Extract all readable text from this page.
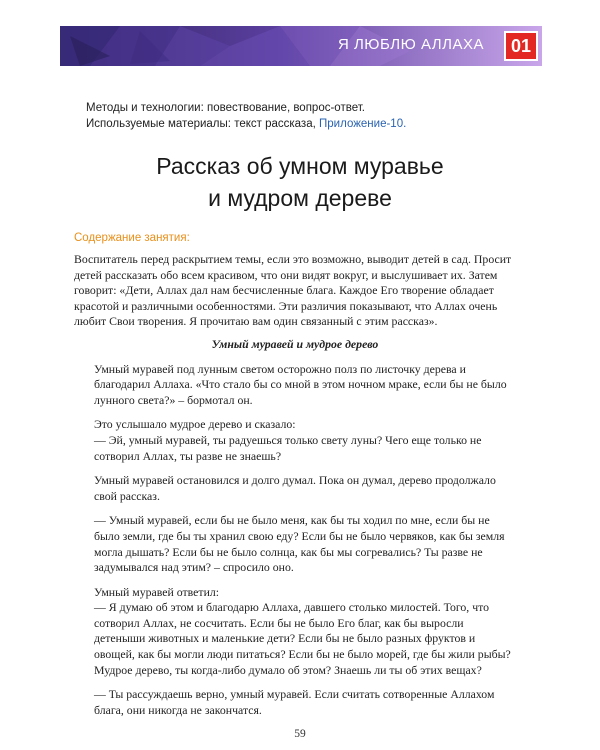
Я ЛЮБЛЮ АЛЛАХА	01
Методы и технологии: повествование, вопрос-ответ.
Используемые материалы: текст рассказа, Приложение-10.
Рассказ об умном муравье
и мудром дереве
Содержание занятия:

Воспитатель перед раскрытием темы, если это возможно, выводит детей в сад. Просит детей рассказать обо всем красивом, что они видят вокруг, и выслушивает их. Затем говорит: «Дети, Аллах дал нам бесчисленные блага. Каждое Его творение обладает красотой и различными особенностями. Эти различия показывают, что Аллах очень любит Свои творения. Я прочитаю вам один связанный с этим рассказ».

Умный муравей и мудрое дерево

Умный муравей под лунным светом осторожно полз по листочку дерева и благодарил Аллаха. «Что стало бы со мной в этом ночном мраке, если бы не было лунного света?» – бормотал он.

Это услышало мудрое дерево и сказало:
— Эй, умный муравей, ты радуешься только свету луны? Чего еще только не сотворил Аллах, ты разве не знаешь?

Умный муравей остановился и долго думал. Пока он думал, дерево продолжало свой рассказ.

— Умный муравей, если бы не было меня, как бы ты ходил по мне, если бы не было земли, где бы ты хранил свою еду? Если бы не было червяков, как бы земля могла дышать? Если бы не было солнца, как бы мы согревались? Ты разве не задумывался над этим? – спросило оно.

Умный муравей ответил:
— Я думаю об этом и благодарю Аллаха, давшего столько милостей. Того, что сотворил Аллах, не сосчитать. Если бы не было Его благ, как бы выросли детеныши животных и маленькие дети? Если бы не было разных фруктов и овощей, как бы могли люди питаться? Если бы не было морей, где бы жили рыбы? Мудрое дерево, ты когда-либо думало об этом? Знаешь ли ты об этих вещах?

— Ты рассуждаешь верно, умный муравей. Если считать сотворенные Аллахом блага, они никогда не закончатся.

59
